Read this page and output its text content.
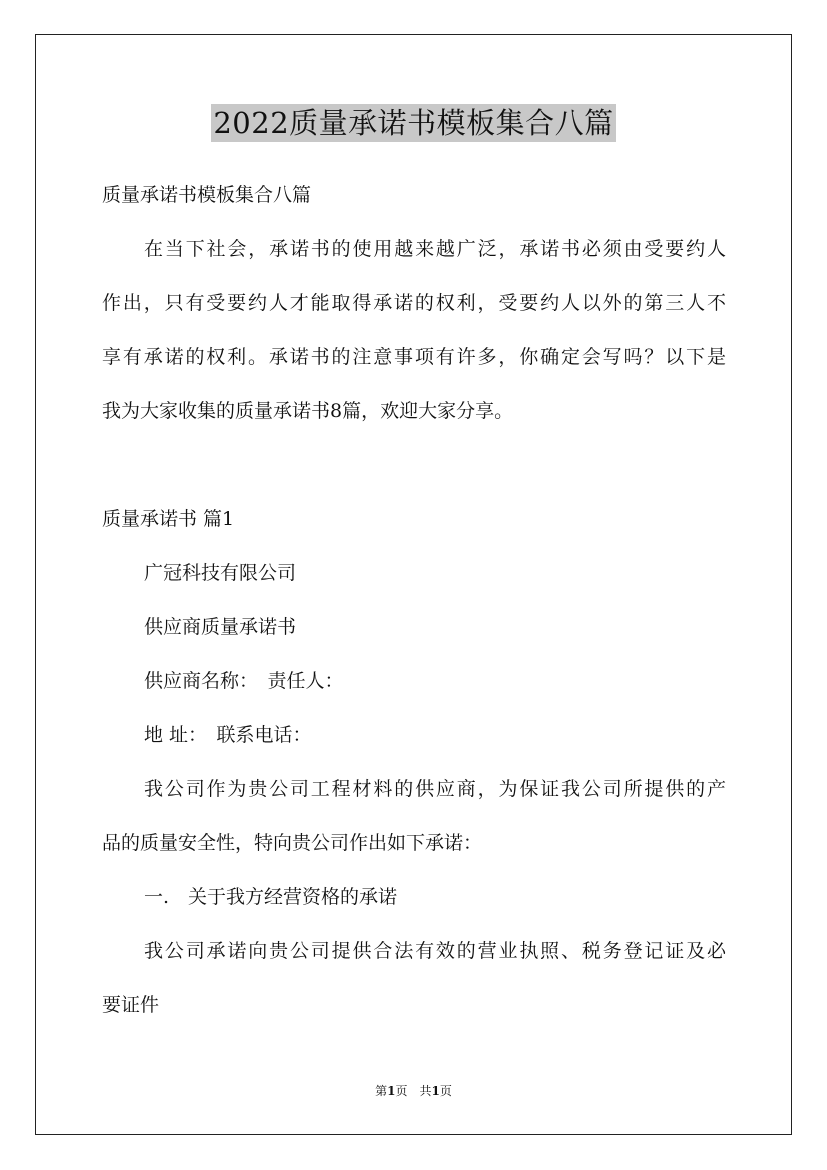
2022质量承诺书模板集合八篇
质量承诺书模板集合八篇
在当下社会，承诺书的使用越来越广泛，承诺书必须由受要约人
作出，只有受要约人才能取得承诺的权利，受要约人以外的第三人不
享有承诺的权利。承诺书的注意事项有许多，你确定会写吗？以下是
我为大家收集的质量承诺书8篇，欢迎大家分享。
质量承诺书 篇1
广冠科技有限公司
供应商质量承诺书
供应商名称：　责任人：
地 址：　联系电话：
我公司作为贵公司工程材料的供应商，为保证我公司所提供的产
品的质量安全性，特向贵公司作出如下承诺：
一.　关于我方经营资格的承诺
我公司承诺向贵公司提供合法有效的营业执照、税务登记证及必
要证件
第1页　共1页
